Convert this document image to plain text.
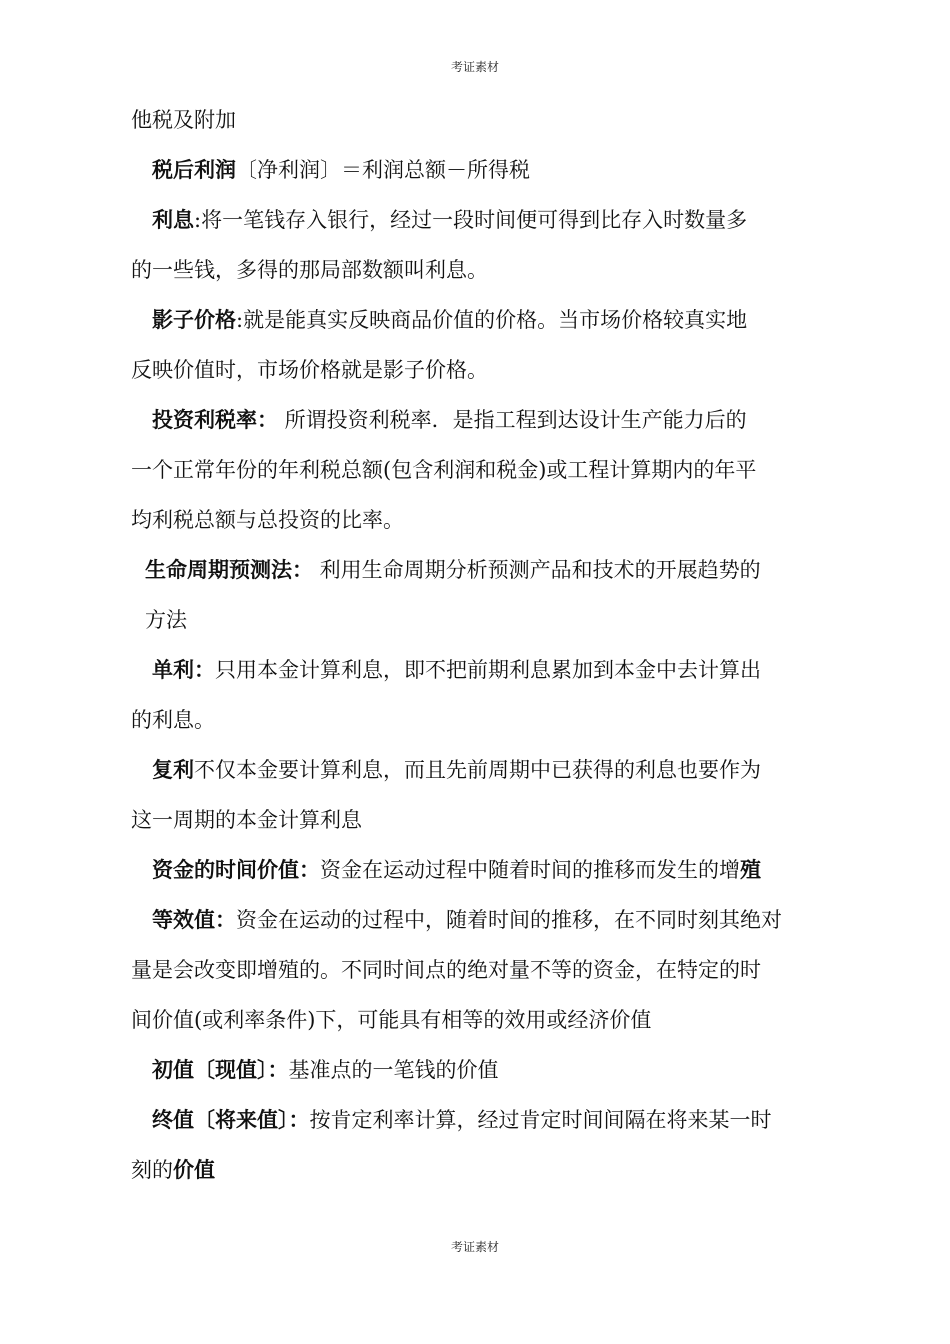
考证素材
他税及附加
税后利润〔净利润〕＝利润总额－所得税
利息:将一笔钱存入银行，经过一段时间便可得到比存入时数量多
的一些钱，多得的那局部数额叫利息。
影子价格:就是能真实反映商品价值的价格。当市场价格较真实地
反映价值时，市场价格就是影子价格。
投资利税率： 所谓投资利税率．是指工程到达设计生产能力后的
一个正常年份的年利税总额(包含利润和税金)或工程计算期内的年平
均利税总额与总投资的比率。
生命周期预测法： 利用生命周期分析预测产品和技术的开展趋势的
方法
单利：只用本金计算利息，即不把前期利息累加到本金中去计算出
的利息。
复利不仅本金要计算利息，而且先前周期中已获得的利息也要作为
这一周期的本金计算利息
资金的时间价值：资金在运动过程中随着时间的推移而发生的增殖
等效值：资金在运动的过程中，随着时间的推移，在不同时刻其绝对
量是会改变即增殖的。不同时间点的绝对量不等的资金，在特定的时
间价值(或利率条件)下，可能具有相等的效用或经济价值
初值〔现值〕：基准点的一笔钱的价值
终值〔将来值〕：按肯定利率计算，经过肯定时间间隔在将来某一时
刻的价值
考证素材
